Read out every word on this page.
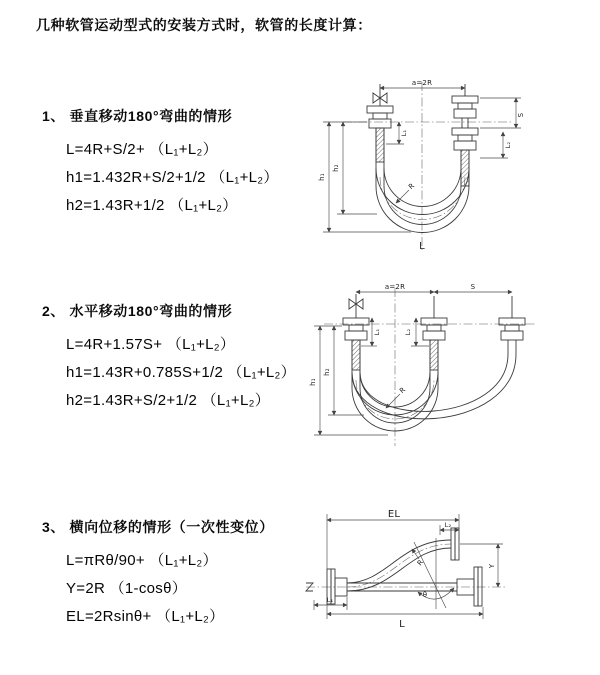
几种软管运动型式的安装方式时，软管的长度计算：
1、 垂直移动180°弯曲的情形
L=4R+S/2+ （L₁+L₂）
h1=1.432R+S/2+1/2 （L₁+L₂）
h2=1.43R+1/2 （L₁+L₂）
2、 水平移动180°弯曲的情形
L=4R+1.57S+ （L₁+L₂）
h1=1.43R+0.785S+1/2 （L₁+L₂）
h2=1.43R+S/2+1/2 （L₁+L₂）
3、 横向位移的情形（一次性变位）
L=πRθ/90+ （L₁+L₂）
Y=2R （1-cosθ）
EL=2Rsinθ+ （L₁+L₂）
a=2R
S
L₂
L₁
h₁
h₂
R
L
a=2R	S
h₁
h₂
L₁	L₂
R
EL
L₂
Y
L
L₁
θ
R
